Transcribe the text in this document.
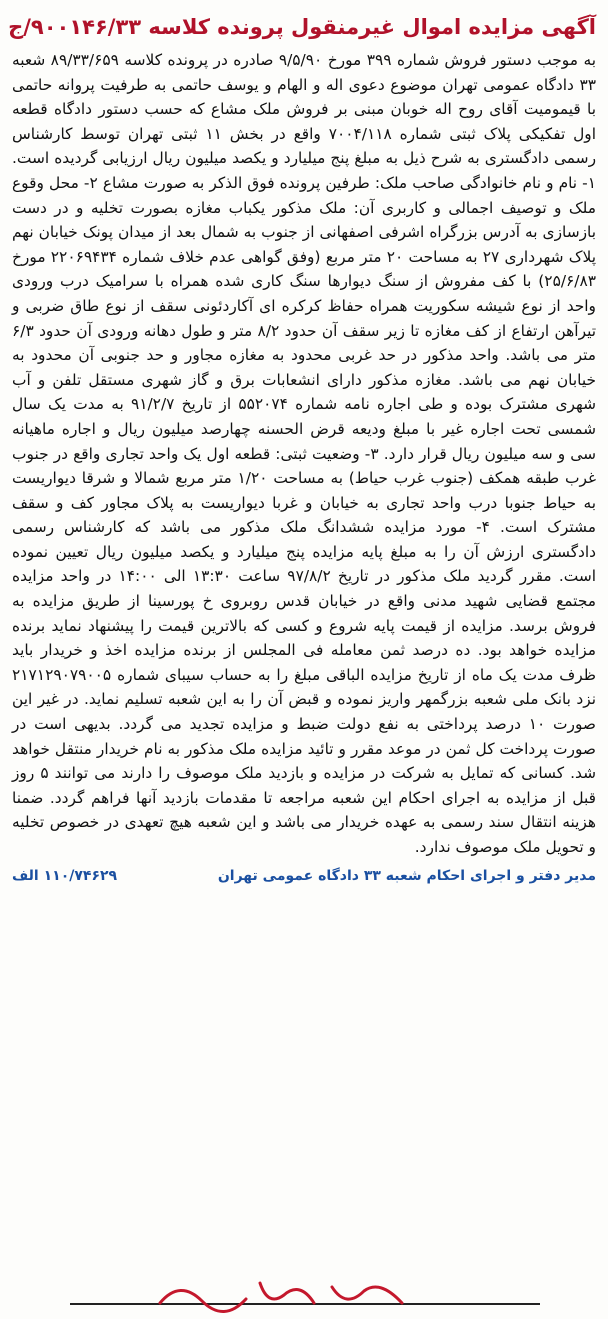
آگهی مزایده اموال غیرمنقول پرونده کلاسه ۹۰۰۱۴۶/۳۳/ج

به موجب دستور فروش شماره ۳۹۹ مورخ ۹/۵/۹۰ صادره در پرونده کلاسه ۸۹/۳۳/۶۵۹ شعبه ۳۳ دادگاه عمومی تهران موضوع دعوی اله و الهام و یوسف حاتمی به طرفیت پروانه حاتمی با قیمومیت آقای روح اله خوبان مبنی بر فروش ملک مشاع که حسب دستور دادگاه قطعه اول تفکیکی پلاک ثبتی شماره ۷۰۰۴/۱۱۸ واقع در بخش ۱۱ ثبتی تهران توسط کارشناس رسمی دادگستری به شرح ذیل به مبلغ پنج میلیارد و یکصد میلیون ریال ارزیابی گردیده است. ۱- نام و نام خانوادگی صاحب ملک: طرفین پرونده فوق الذکر به صورت مشاع ۲- محل وقوع ملک و توصیف اجمالی و کاربری آن: ملک مذکور یکباب مغازه بصورت تخلیه و در دست بازسازی به آدرس بزرگراه اشرفی اصفهانی از جنوب به شمال بعد از میدان پونک خیابان نهم پلاک شهرداری ۲۷ به مساحت ۲۰ متر مربع (وفق گواهی عدم خلاف شماره ۲۲۰۶۹۴۳۴ مورخ ۲۵/۶/۸۳) با کف مفروش از سنگ دیوارها سنگ کاری شده همراه با سرامیک درب ورودی واحد از نوع شیشه سکوریت همراه حفاظ کرکره ای آکاردئونی سقف از نوع طاق ضربی و تیرآهن ارتفاع از کف مغازه تا زیر سقف آن حدود ۸/۲ متر و طول دهانه ورودی آن حدود ۶/۳ متر می باشد. واحد مذکور در حد غربی محدود به مغازه مجاور و حد جنوبی آن محدود به خیابان نهم می باشد. مغازه مذکور دارای انشعابات برق و گاز شهری مستقل تلفن و آب شهری مشترک بوده و طی اجاره نامه شماره ۵۵۲۰۷۴ از تاریخ ۹۱/۲/۷ به مدت یک سال شمسی تحت اجاره غیر با مبلغ ودیعه قرض الحسنه چهارصد میلیون ریال و اجاره ماهیانه سی و سه میلیون ریال قرار دارد. ۳- وضعیت ثبتی: قطعه اول یک واحد تجاری واقع در جنوب غرب طبقه همکف (جنوب غرب حیاط) به مساحت ۱/۲۰ متر مربع شمالا و شرقا دیواریست به حیاط جنوبا درب واحد تجاری به خیابان و غربا دیواریست به پلاک مجاور کف و سقف مشترک است. ۴- مورد مزایده ششدانگ ملک مذکور می باشد که کارشناس رسمی دادگستری ارزش آن را به مبلغ پایه مزایده پنج میلیارد و یکصد میلیون ریال تعیین نموده است. مقرر گردید ملک مذکور در تاریخ ۹۷/۸/۲ ساعت ۱۳:۳۰ الی ۱۴:۰۰ در واحد مزایده مجتمع قضایی شهید مدنی واقع در خیابان قدس روبروی خ پورسینا از طریق مزایده به فروش برسد. مزایده از قیمت پایه شروع و کسی که بالاترین قیمت را پیشنهاد نماید برنده مزایده خواهد بود. ده درصد ثمن معامله فی المجلس از برنده مزایده اخذ و خریدار باید ظرف مدت یک ماه از تاریخ مزایده الباقی مبلغ را به حساب سیبای شماره ۲۱۷۱۲۹۰۷۹۰۰۵ نزد بانک ملی شعبه بزرگمهر واریز نموده و قبض آن را به این شعبه تسلیم نماید. در غیر این صورت ۱۰ درصد پرداختی به نفع دولت ضبط و مزایده تجدید می گردد. بدیهی است در صورت پرداخت کل ثمن در موعد مقرر و تائید مزایده ملک مذکور به نام خریدار منتقل خواهد شد. کسانی که تمایل به شرکت در مزایده و بازدید ملک موصوف را دارند می توانند ۵ روز قبل از مزایده به اجرای احکام این شعبه مراجعه تا مقدمات بازدید آنها فراهم گردد. ضمنا هزینه انتقال سند رسمی به عهده خریدار می باشد و این شعبه هیچ تعهدی در خصوص تخلیه و تحویل ملک موصوف ندارد.

مدیر دفتر و اجرای احکام شعبه ۳۳ دادگاه عمومی تهران
۱۱۰/۷۴۶۲۹ الف
